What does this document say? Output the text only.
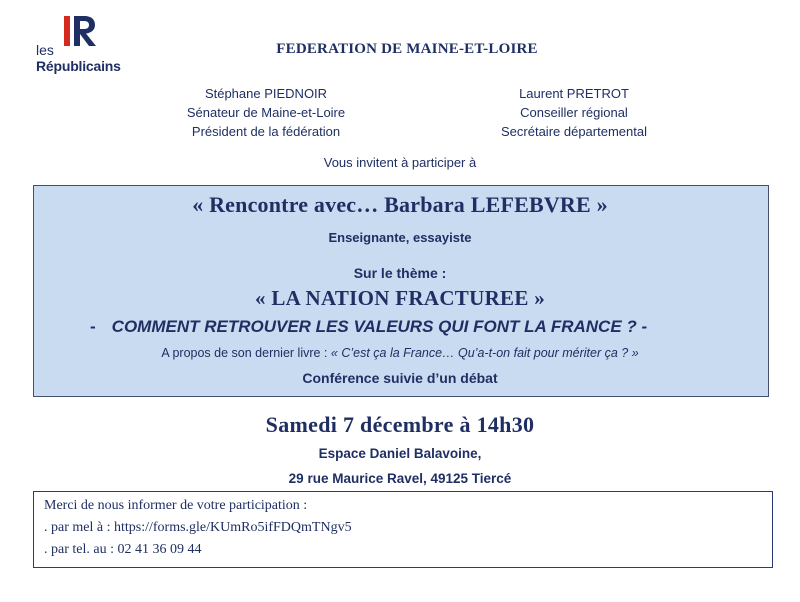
les
Républicains
FEDERATION DE MAINE-ET-LOIRE
Stéphane PIEDNOIR
Sénateur de Maine-et-Loire
Président de la fédération
Laurent PRETROT
Conseiller régional
Secrétaire départemental
Vous invitent à participer à
« Rencontre avec… Barbara LEFEBVRE »
Enseignante, essayiste
Sur le thème :
« LA NATION FRACTUREE »
- COMMENT RETROUVER LES VALEURS QUI FONT LA FRANCE ? -
A propos de son dernier livre : « C’est ça la France… Qu’a-t-on fait pour mériter ça ? »
Conférence suivie d’un débat
Samedi 7 décembre à 14h30
Espace Daniel Balavoine,
29 rue Maurice Ravel, 49125 Tiercé
Merci de nous informer de votre participation :
. par mel à : https://forms.gle/KUmRo5ifFDQmTNgv5
. par tel. au : 02 41 36 09 44
